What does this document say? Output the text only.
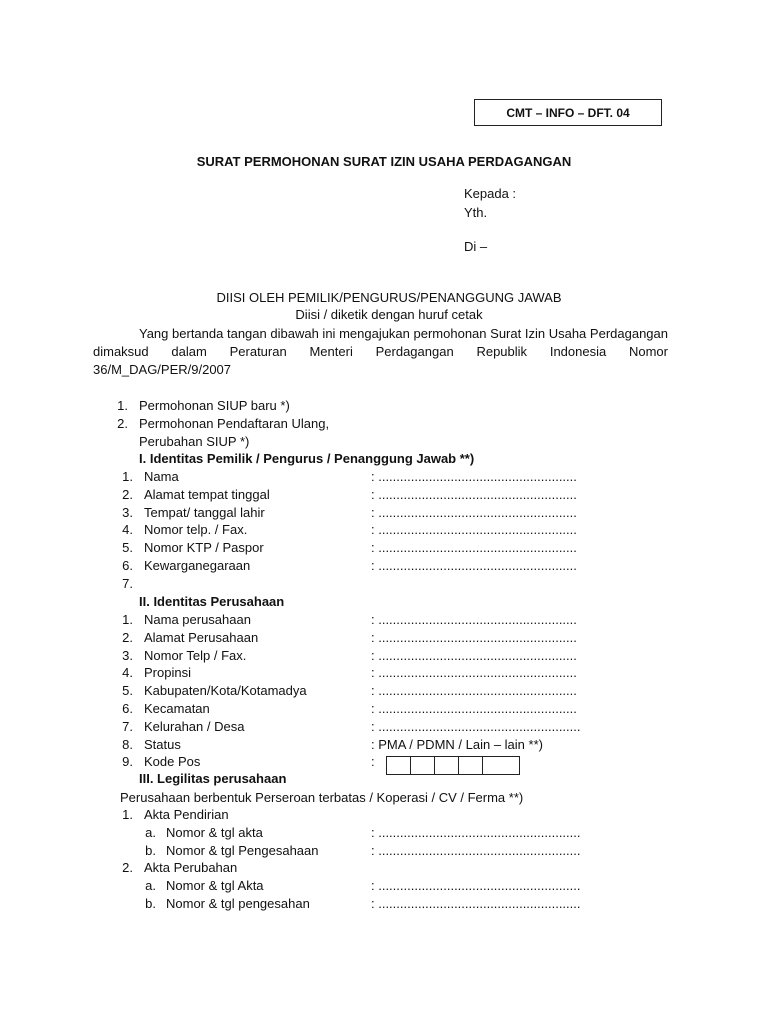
CMT – INFO – DFT. 04
SURAT PERMOHONAN SURAT IZIN USAHA PERDAGANGAN
Kepada :
Yth.
Di –
DIISI OLEH PEMILIK/PENGURUS/PENANGGUNG JAWAB
Diisi / diketik dengan huruf cetak
Yang bertanda tangan dibawah ini mengajukan permohonan Surat Izin Usaha Perdagangan dimaksud dalam Peraturan Menteri Perdagangan Republik Indonesia Nomor 36/M_DAG/PER/9/2007
1. Permohonan SIUP baru *)
2. Permohonan Pendaftaran Ulang,
Perubahan SIUP *)
I. Identitas Pemilik / Pengurus / Penanggung Jawab **)
1. Nama	: .......................................................
2. Alamat tempat tinggal	: .......................................................
3. Tempat/ tanggal lahir	: .......................................................
4. Nomor telp. / Fax.	: .......................................................
5. Nomor KTP / Paspor	: .......................................................
6. Kewarganegaraan	: .......................................................
7.
II. Identitas Perusahaan
1. Nama perusahaan	: .......................................................
2. Alamat Perusahaan	: .......................................................
3. Nomor Telp / Fax.	: .......................................................
4. Propinsi	: .......................................................
5. Kabupaten/Kota/Kotamadya	: .......................................................
6. Kecamatan	: .......................................................
7. Kelurahan / Desa	: ........................................................
8. Status	: PMA / PDMN / Lain – lain **)
9. Kode Pos	:
III. Legilitas perusahaan
Perusahaan berbentuk Perseroan terbatas / Koperasi / CV / Ferma **)
1. Akta Pendirian
a. Nomor & tgl akta	: ........................................................
b. Nomor & tgl Pengesahaan	: ........................................................
2. Akta Perubahan
a. Nomor & tgl Akta	: ........................................................
b. Nomor & tgl pengesahan	: ........................................................
